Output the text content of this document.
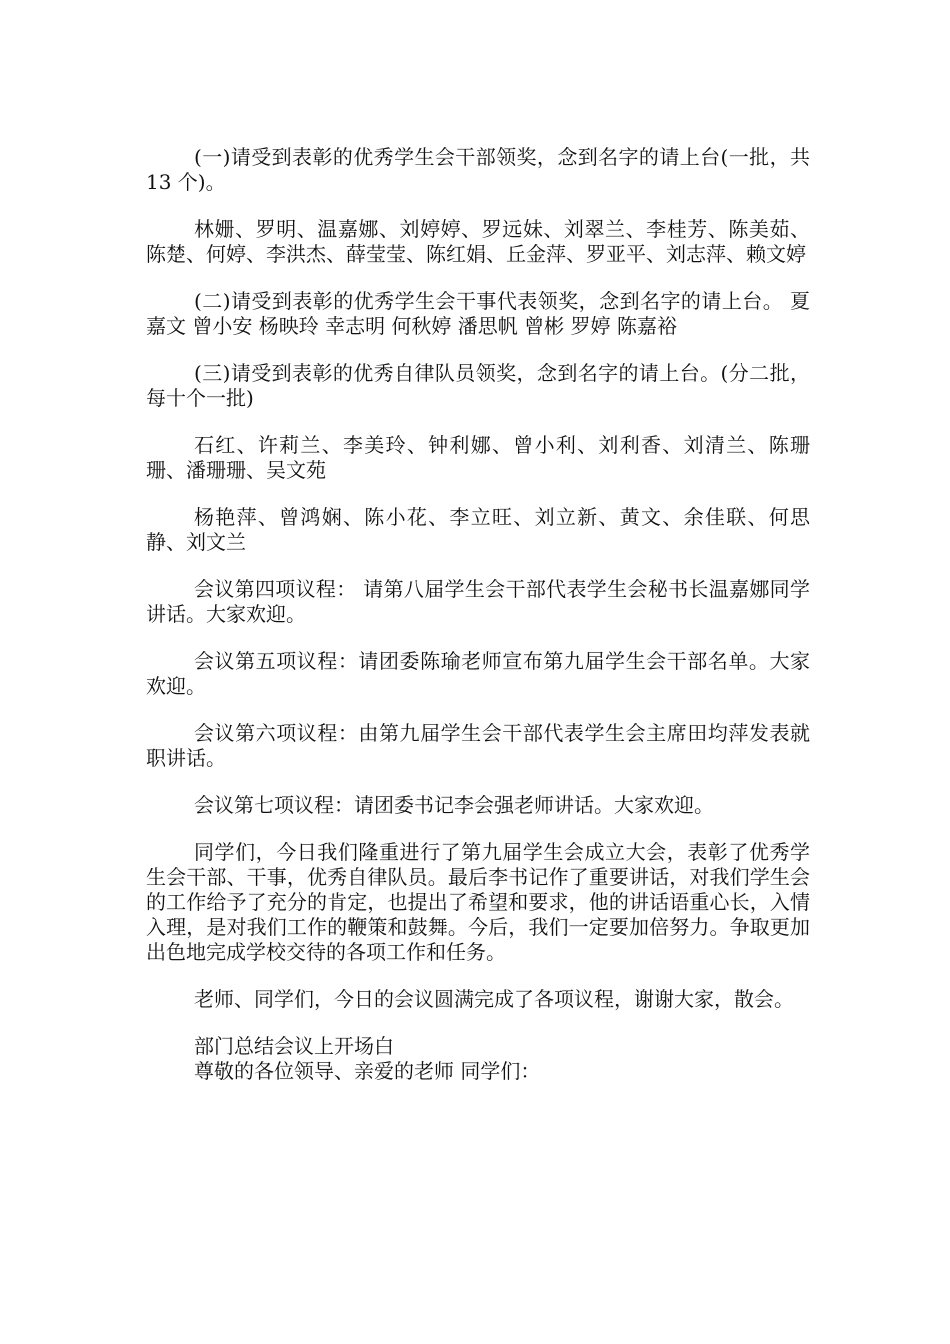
(一)请受到表彰的优秀学生会干部领奖，念到名字的请上台(一批，共 13 个)。

林姗、罗明、温嘉娜、刘婷婷、罗远妹、刘翠兰、李桂芳、陈美茹、陈楚、何婷、李洪杰、薛莹莹、陈红娟、丘金萍、罗亚平、刘志萍、赖文婷

(二)请受到表彰的优秀学生会干事代表领奖，念到名字的请上台。 夏嘉文 曾小安 杨映玲 幸志明 何秋婷 潘思帆 曾彬 罗婷 陈嘉裕

(三)请受到表彰的优秀自律队员领奖，念到名字的请上台。(分二批，每十个一批)

石红、许莉兰、李美玲、钟利娜、曾小利、刘利香、刘清兰、陈珊珊、潘珊珊、吴文苑

杨艳萍、曾鸿娴、陈小花、李立旺、刘立新、黄文、余佳联、何思静、刘文兰

会议第四项议程： 请第八届学生会干部代表学生会秘书长温嘉娜同学讲话。大家欢迎。

会议第五项议程：请团委陈瑜老师宣布第九届学生会干部名单。大家欢迎。

会议第六项议程：由第九届学生会干部代表学生会主席田均萍发表就职讲话。

会议第七项议程：请团委书记李会强老师讲话。大家欢迎。

同学们，今日我们隆重进行了第九届学生会成立大会，表彰了优秀学生会干部、干事，优秀自律队员。最后李书记作了重要讲话，对我们学生会的工作给予了充分的肯定，也提出了希望和要求，他的讲话语重心长，入情入理，是对我们工作的鞭策和鼓舞。今后，我们一定要加倍努力。争取更加出色地完成学校交待的各项工作和任务。

老师、同学们，今日的会议圆满完成了各项议程，谢谢大家，散会。

部门总结会议上开场白

尊敬的各位领导、亲爱的老师 同学们：
